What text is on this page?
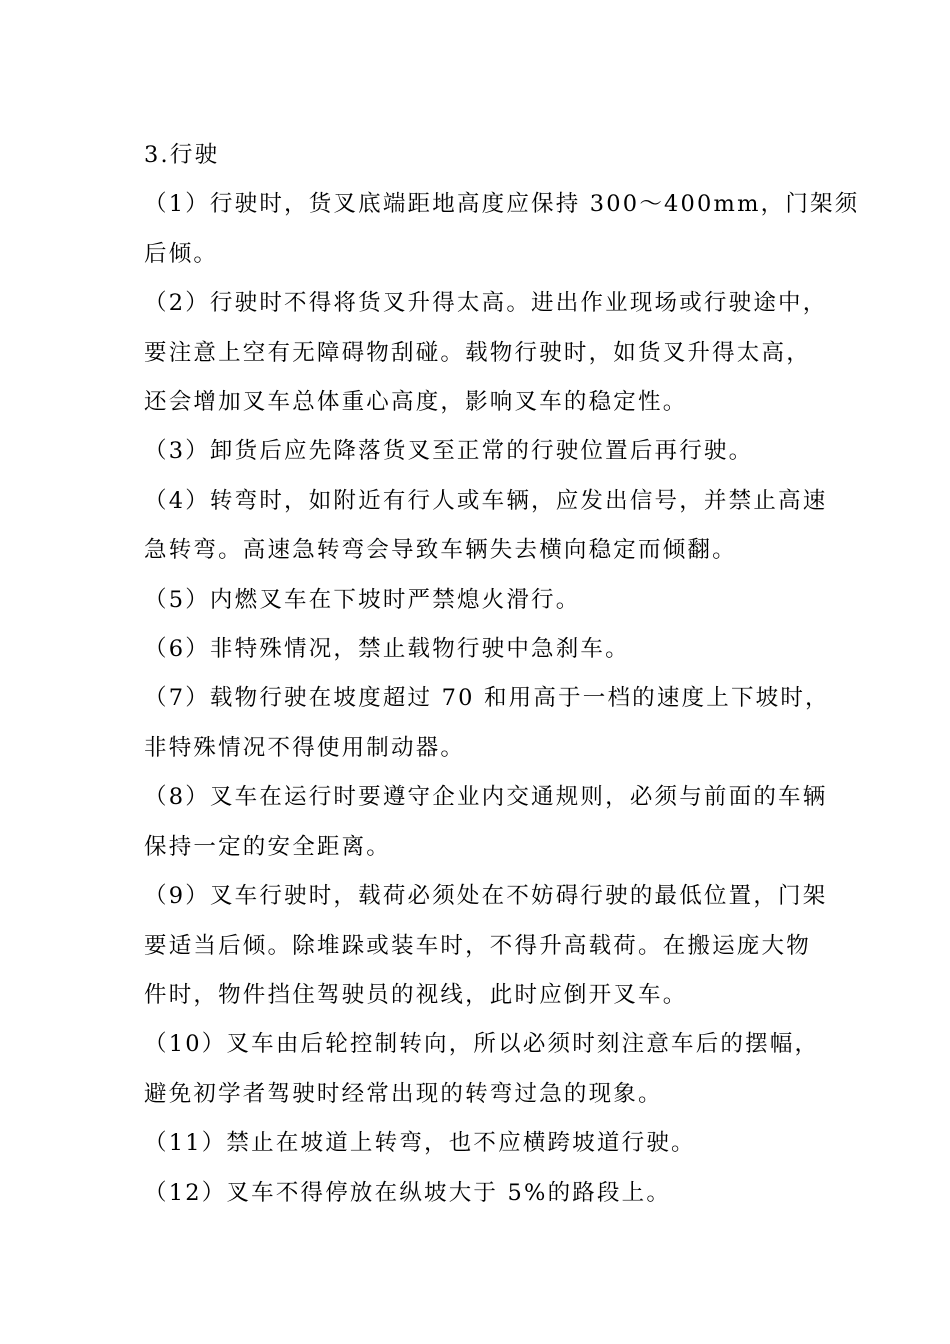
3.行驶

（1）行驶时，货叉底端距地高度应保持 300～400mm，门架须

后倾。

（2）行驶时不得将货叉升得太高。进出作业现场或行驶途中，

要注意上空有无障碍物刮碰。载物行驶时，如货叉升得太高，

还会增加叉车总体重心高度，影响叉车的稳定性。

（3）卸货后应先降落货叉至正常的行驶位置后再行驶。

（4）转弯时，如附近有行人或车辆，应发出信号，并禁止高速

急转弯。高速急转弯会导致车辆失去横向稳定而倾翻。

（5）内燃叉车在下坡时严禁熄火滑行。

（6）非特殊情况，禁止载物行驶中急刹车。

（7）载物行驶在坡度超过 70 和用高于一档的速度上下坡时，

非特殊情况不得使用制动器。

（8）叉车在运行时要遵守企业内交通规则，必须与前面的车辆

保持一定的安全距离。

（9）叉车行驶时，载荷必须处在不妨碍行驶的最低位置，门架

要适当后倾。除堆跺或装车时，不得升高载荷。在搬运庞大物

件时，物件挡住驾驶员的视线，此时应倒开叉车。

（10）叉车由后轮控制转向，所以必须时刻注意车后的摆幅，

避免初学者驾驶时经常出现的转弯过急的现象。

（11）禁止在坡道上转弯，也不应横跨坡道行驶。

（12）叉车不得停放在纵坡大于 5%的路段上。
